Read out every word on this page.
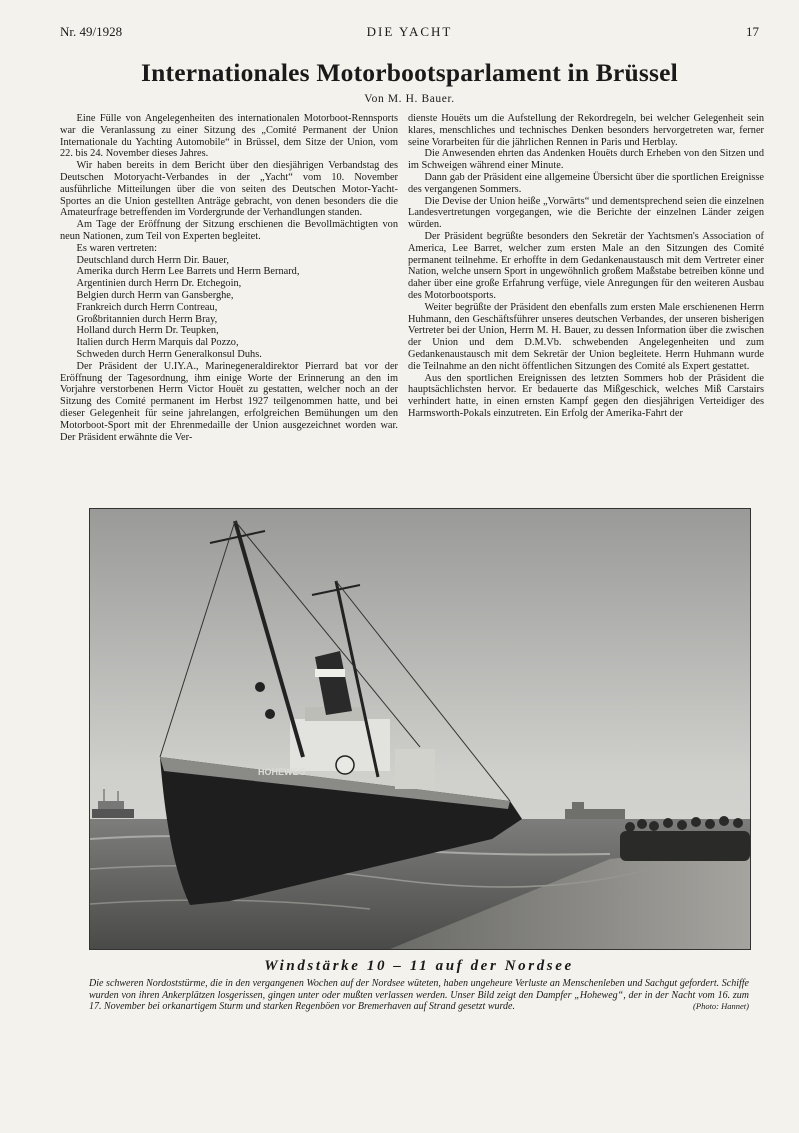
Nr. 49/1928	DIE YACHT	17
Internationales Motorbootsparlament in Brüssel
Von M. H. Bauer.

Eine Fülle von Angelegenheiten des internationalen Motorboot-Rennsports war die Veranlassung zu einer Sitzung des „Comité Permanent der Union Internationale du Yachting Automobile“ in Brüssel, dem Sitze der Union, vom 22. bis 24. November dieses Jahres.

Wir haben bereits in dem Bericht über den diesjährigen Verbandstag des Deutschen Motoryacht-Verbandes in der „Yacht“ vom 10. November ausführliche Mitteilungen über die von seiten des Deutschen Motor-Yacht-Sportes an die Union gestellten Anträge gebracht, von denen besonders die die Amateurfrage betreffenden im Vordergrunde der Verhandlungen standen.

Am Tage der Eröffnung der Sitzung erschienen die Bevollmächtigten von neun Nationen, zum Teil von Experten begleitet.

Es waren vertreten:

Deutschland durch Herrn Dir. Bauer,
Amerika durch Herrn Lee Barrets und Herrn Bernard,
Argentinien durch Herrn Dr. Etchegoin,
Belgien durch Herrn van Gansberghe,
Frankreich durch Herrn Contreau,
Großbritannien durch Herrn Bray,
Holland durch Herrn Dr. Teupken,
Italien durch Herrn Marquis dal Pozzo,
Schweden durch Herrn Generalkonsul Duhs.

Der Präsident der U.IY.A., Marinegeneraldirektor Pierrard bat vor der Eröffnung der Tagesordnung, ihm einige Worte der Erinnerung an den im Vorjahre verstorbenen Herrn Victor Houët zu gestatten, welcher noch an der Sitzung des Comité permanent im Herbst 1927 teilgenommen hatte, und bei dieser Gelegenheit für seine jahrelangen, erfolgreichen Bemühungen um den Motorboot-Sport mit der Ehrenmedaille der Union ausgezeichnet worden war. Der Präsident erwähnte die Ver-

dienste Houëts um die Aufstellung der Rekordregeln, bei welcher Gelegenheit sein klares, menschliches und technisches Denken besonders hervorgetreten war, ferner seine Vorarbeiten für die jährlichen Rennen in Paris und Herblay.

Die Anwesenden ehrten das Andenken Houëts durch Erheben von den Sitzen und im Schweigen während einer Minute.

Dann gab der Präsident eine allgemeine Übersicht über die sportlichen Ereignisse des vergangenen Sommers.

Die Devise der Union heiße „Vorwärts“ und dementsprechend seien die einzelnen Landesvertretungen vorgegangen, wie die Berichte der einzelnen Länder zeigen würden.

Der Präsident begrüßte besonders den Sekretär der Yachtsmen's Association of America, Lee Barret, welcher zum ersten Male an den Sitzungen des Comité permanent teilnehme. Er erhoffte in dem Gedankenaustausch mit dem Vertreter einer Nation, welche unsern Sport in ungewöhnlich großem Maßstabe betreiben könne und daher über eine große Erfahrung verfüge, viele Anregungen für den weiteren Ausbau des Motorbootsports.

Weiter begrüßte der Präsident den ebenfalls zum ersten Male erschienenen Herrn Huhmann, den Geschäftsführer unseres deutschen Verbandes, der unseren bisherigen Vertreter bei der Union, Herrn M. H. Bauer, zu dessen Information über die zwischen der Union und dem D.M.Vb. schwebenden Angelegenheiten und zum Gedankenaustausch mit dem Sekretär der Union begleitete. Herrn Huhmann wurde die Teilnahme an den nicht öffentlichen Sitzungen des Comité als Expert gestattet.

Aus den sportlichen Ereignissen des letzten Sommers hob der Präsident die hauptsächlichsten hervor. Er bedauerte das Mißgeschick, welches Miß Carstairs verhindert hatte, in einen ernsten Kampf gegen den diesjährigen Verteidiger des Harmsworth-Pokals einzutreten. Ein Erfolg der Amerika-Fahrt der

HOHEWEG
Windstärke 10 – 11 auf der Nordsee
Die schweren Nordoststürme, die in den vergangenen Wochen auf der Nordsee wüteten, haben ungeheure Verluste an Menschenleben und Sachgut gefordert. Schiffe wurden von ihren Ankerplätzen losgerissen, gingen unter oder mußten verlassen werden. Unser Bild zeigt den Dampfer „Hoheweg“, der in der Nacht vom 16. zum 17. November bei orkanartigem Sturm und starken Regenböen vor Bremerhaven auf Strand gesetzt wurde.	(Photo: Hannet)
